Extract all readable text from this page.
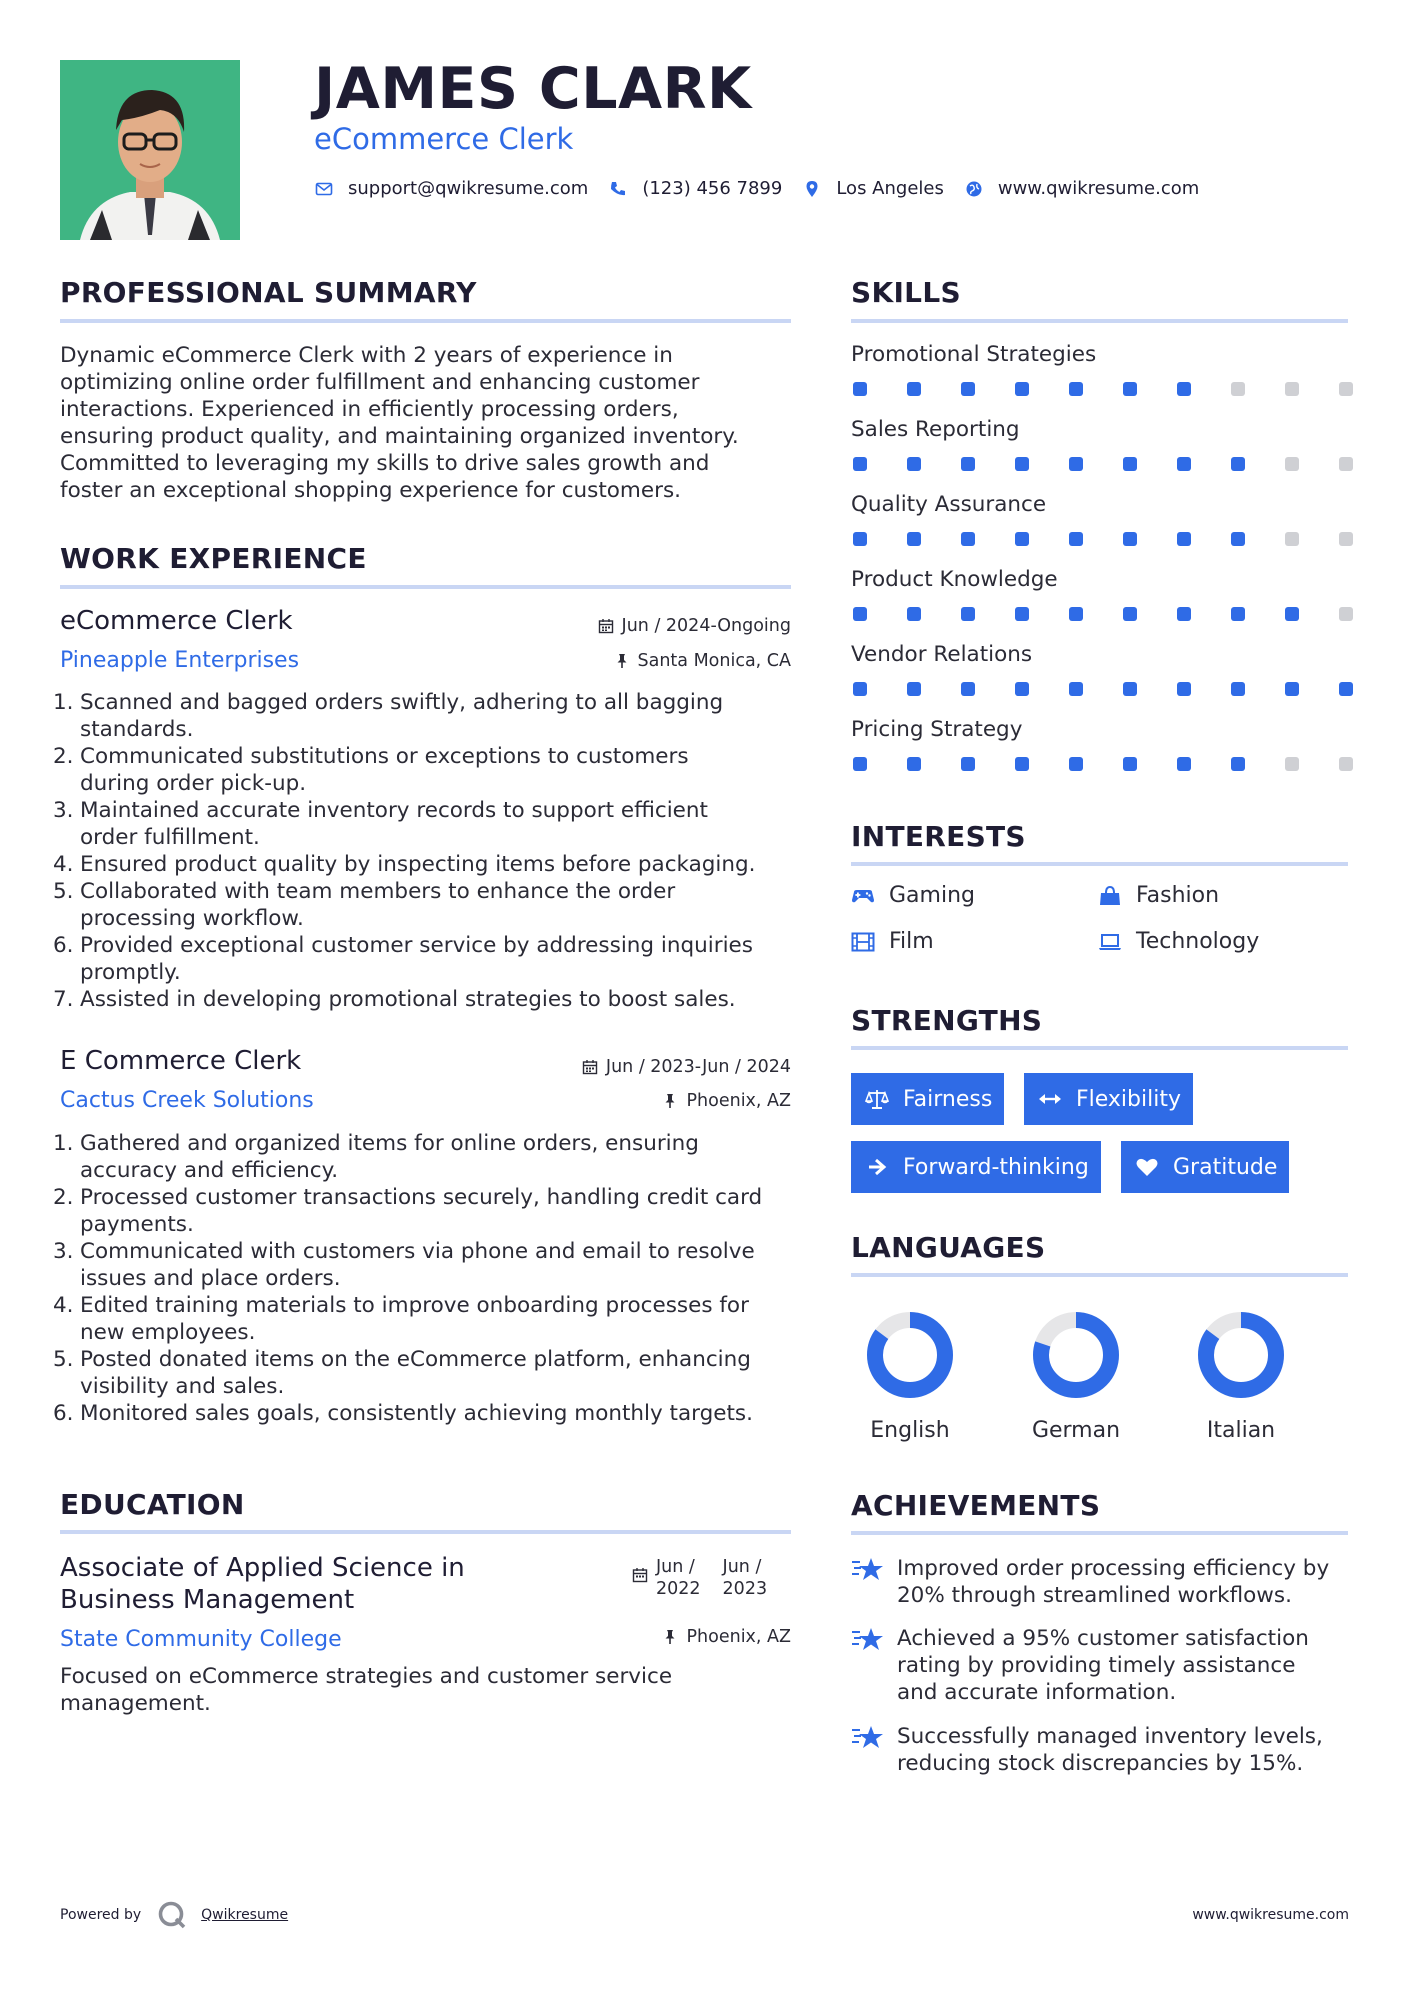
JAMES CLARK
eCommerce Clerk
support@qwikresume.com	(123) 456 7899	Los Angeles	www.qwikresume.com
PROFESSIONAL SUMMARY
Dynamic eCommerce Clerk with 2 years of experience in
optimizing online order fulfillment and enhancing customer
interactions. Experienced in efficiently processing orders,
ensuring product quality, and maintaining organized inventory.
Committed to leveraging my skills to drive sales growth and
foster an exceptional shopping experience for customers.
WORK EXPERIENCE
eCommerce Clerk	Jun / 2024-Ongoing
Pineapple Enterprises	Santa Monica, CA
1. Scanned and bagged orders swiftly, adhering to all bagging
standards.
2. Communicated substitutions or exceptions to customers
during order pick-up.
3. Maintained accurate inventory records to support efficient
order fulfillment.
4. Ensured product quality by inspecting items before packaging.
5. Collaborated with team members to enhance the order
processing workflow.
6. Provided exceptional customer service by addressing inquiries
promptly.
7. Assisted in developing promotional strategies to boost sales.
E Commerce Clerk	Jun / 2023-Jun / 2024
Cactus Creek Solutions	Phoenix, AZ
1. Gathered and organized items for online orders, ensuring
accuracy and efficiency.
2. Processed customer transactions securely, handling credit card
payments.
3. Communicated with customers via phone and email to resolve
issues and place orders.
4. Edited training materials to improve onboarding processes for
new employees.
5. Posted donated items on the eCommerce platform, enhancing
visibility and sales.
6. Monitored sales goals, consistently achieving monthly targets.
EDUCATION
Associate of Applied Science in
Business Management
Jun /
2022
Jun /
2023
State Community College	Phoenix, AZ
Focused on eCommerce strategies and customer service
management.
SKILLS
Promotional Strategies
Sales Reporting
Quality Assurance
Product Knowledge
Vendor Relations
Pricing Strategy
INTERESTS
Gaming	Fashion
Film	Technology
STRENGTHS
Fairness	Flexibility
Forward-thinking	Gratitude
LANGUAGES
English	German	Italian
ACHIEVEMENTS
Improved order processing efficiency by
20% through streamlined workflows.
Achieved a 95% customer satisfaction
rating by providing timely assistance
and accurate information.
Successfully managed inventory levels,
reducing stock discrepancies by 15%.
Powered by	Qwikresume	www.qwikresume.com
